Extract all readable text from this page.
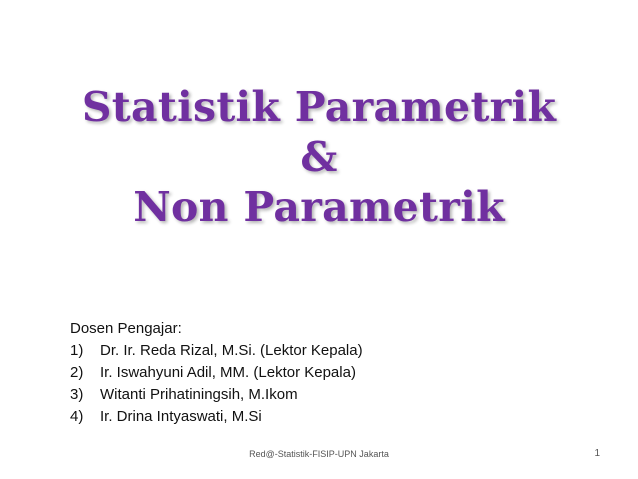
Statistik Parametrik
&
Non Parametrik
Dosen Pengajar:
1)	Dr. Ir. Reda Rizal, M.Si. (Lektor Kepala)
2)	Ir. Iswahyuni Adil, MM. (Lektor Kepala)
3)	Witanti Prihatiningsih, M.Ikom
4)	Ir. Drina Intyaswati, M.Si
Red@-Statistik-FISIP-UPN Jakarta	1
